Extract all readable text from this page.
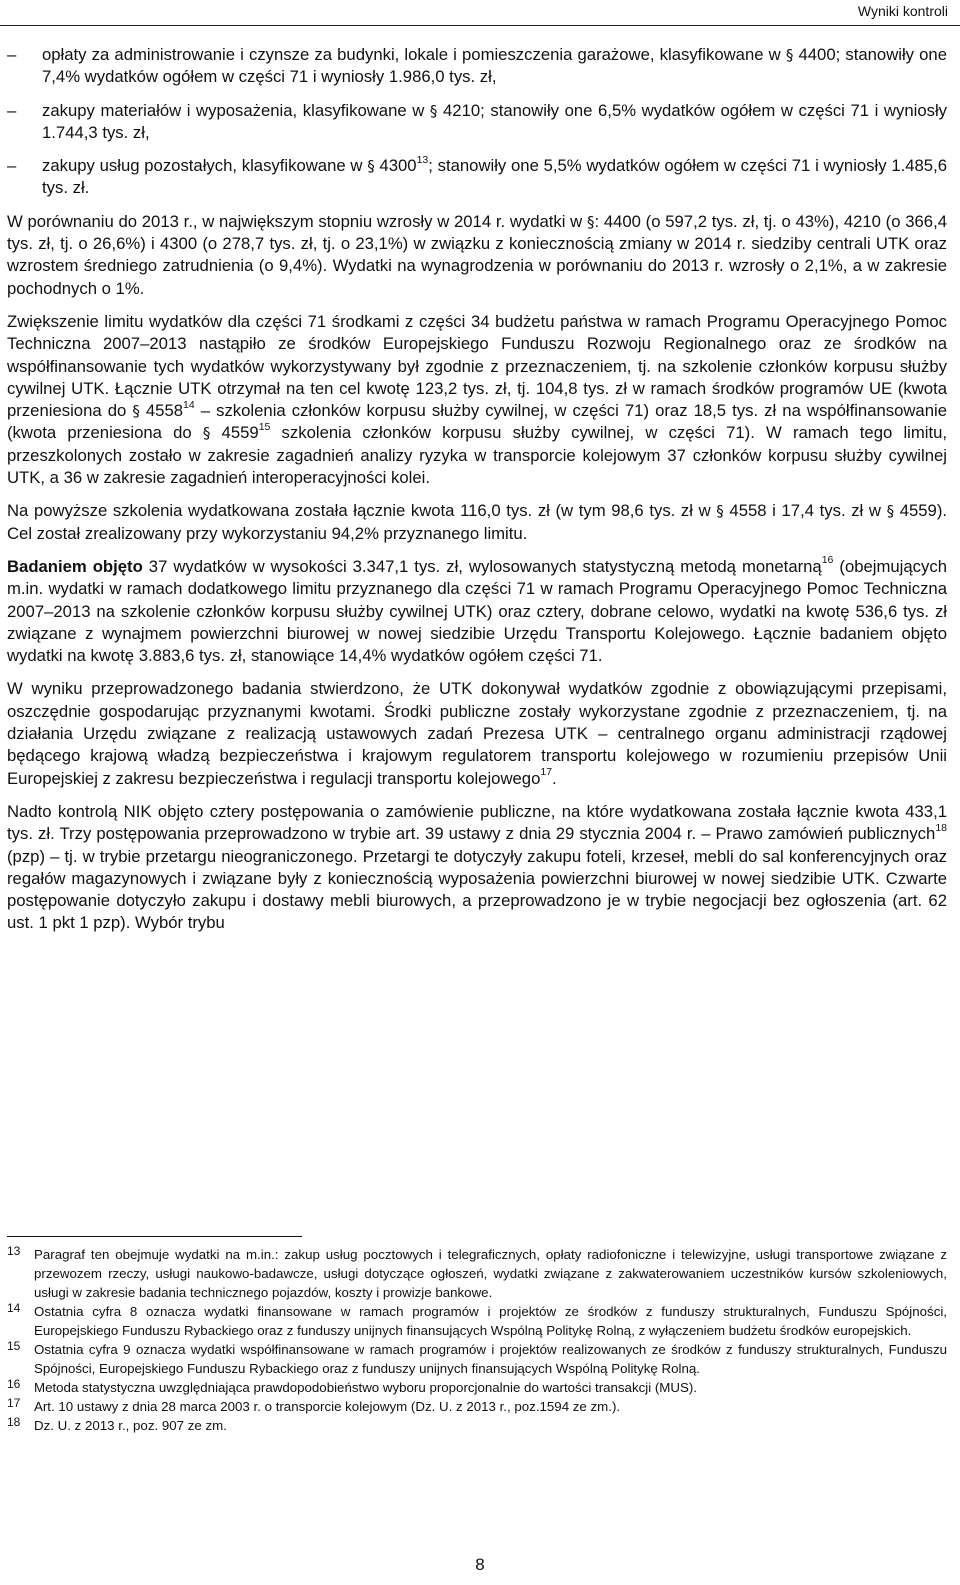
Wyniki kontroli

– opłaty za administrowanie i czynsze za budynki, lokale i pomieszczenia garażowe, klasyfikowane w § 4400; stanowiły one 7,4% wydatków ogółem w części 71 i wyniosły 1.986,0 tys. zł,

– zakupy materiałów i wyposażenia, klasyfikowane w § 4210; stanowiły one 6,5% wydatków ogółem w części 71 i wyniosły 1.744,3 tys. zł,

– zakupy usług pozostałych, klasyfikowane w § 4300$^{13}$; stanowiły one 5,5% wydatków ogółem w części 71 i wyniosły 1.485,6 tys. zł.

W porównaniu do 2013 r., w największym stopniu wzrosły w 2014 r. wydatki w §: 4400 (o 597,2 tys. zł, tj. o 43%), 4210 (o 366,4 tys. zł, tj. o 26,6%) i 4300 (o 278,7 tys. zł, tj. o 23,1%) w związku z koniecznością zmiany w 2014 r. siedziby centrali UTK oraz wzrostem średniego zatrudnienia (o 9,4%). Wydatki na wynagrodzenia w porównaniu do 2013 r. wzrosły o 2,1%, a w zakresie pochodnych o 1%.

Zwiększenie limitu wydatków dla części 71 środkami z części 34 budżetu państwa w ramach Programu Operacyjnego Pomoc Techniczna 2007–2013 nastąpiło ze środków Europejskiego Funduszu Rozwoju Regionalnego oraz ze środków na współfinansowanie tych wydatków wykorzystywany był zgodnie z przeznaczeniem, tj. na szkolenie członków korpusu służby cywilnej UTK. Łącznie UTK otrzymał na ten cel kwotę 123,2 tys. zł, tj. 104,8 tys. zł w ramach środków programów UE (kwota przeniesiona do § 4558$^{14}$ – szkolenia członków korpusu służby cywilnej, w części 71) oraz 18,5 tys. zł na współfinansowanie (kwota przeniesiona do § 4559$^{15}$ szkolenia członków korpusu służby cywilnej, w części 71). W ramach tego limitu, przeszkolonych zostało w zakresie zagadnień analizy ryzyka w transporcie kolejowym 37 członków korpusu służby cywilnej UTK, a 36 w zakresie zagadnień interoperacyjności kolei.

Na powyższe szkolenia wydatkowana została łącznie kwota 116,0 tys. zł (w tym 98,6 tys. zł w § 4558 i 17,4 tys. zł w § 4559). Cel został zrealizowany przy wykorzystaniu 94,2% przyznanego limitu.

Badaniem objęto 37 wydatków w wysokości 3.347,1 tys. zł, wylosowanych statystyczną metodą monetarną$^{16}$ (obejmujących m.in. wydatki w ramach dodatkowego limitu przyznanego dla części 71 w ramach Programu Operacyjnego Pomoc Techniczna 2007–2013 na szkolenie członków korpusu służby cywilnej UTK) oraz cztery, dobrane celowo, wydatki na kwotę 536,6 tys. zł związane z wynajmem powierzchni biurowej w nowej siedzibie Urzędu Transportu Kolejowego. Łącznie badaniem objęto wydatki na kwotę 3.883,6 tys. zł, stanowiące 14,4% wydatków ogółem części 71.

W wyniku przeprowadzonego badania stwierdzono, że UTK dokonywał wydatków zgodnie z obowiązującymi przepisami, oszczędnie gospodarując przyznanymi kwotami. Środki publiczne zostały wykorzystane zgodnie z przeznaczeniem, tj. na działania Urzędu związane z realizacją ustawowych zadań Prezesa UTK – centralnego organu administracji rządowej będącego krajową władzą bezpieczeństwa i krajowym regulatorem transportu kolejowego w rozumieniu przepisów Unii Europejskiej z zakresu bezpieczeństwa i regulacji transportu kolejowego$^{17}$.

Nadto kontrolą NIK objęto cztery postępowania o zamówienie publiczne, na które wydatkowana została łącznie kwota 433,1 tys. zł. Trzy postępowania przeprowadzono w trybie art. 39 ustawy z dnia 29 stycznia 2004 r. – Prawo zamówień publicznych$^{18}$ (pzp) – tj. w trybie przetargu nieograniczonego. Przetargi te dotyczyły zakupu foteli, krzeseł, mebli do sal konferencyjnych oraz regałów magazynowych i związane były z koniecznością wyposażenia powierzchni biurowej w nowej siedzibie UTK. Czwarte postępowanie dotyczyło zakupu i dostawy mebli biurowych, a przeprowadzono je w trybie negocjacji bez ogłoszenia (art. 62 ust. 1 pkt 1 pzp). Wybór trybu

13 Paragraf ten obejmuje wydatki na m.in.: zakup usług pocztowych i telegraficznych, opłaty radiofoniczne i telewizyjne, usługi transportowe związane z przewozem rzeczy, usługi naukowo-badawcze, usługi dotyczące ogłoszeń, wydatki związane z zakwaterowaniem uczestników kursów szkoleniowych, usługi w zakresie badania technicznego pojazdów, koszty i prowizje bankowe.

14 Ostatnia cyfra 8 oznacza wydatki finansowane w ramach programów i projektów ze środków z funduszy strukturalnych, Funduszu Spójności, Europejskiego Funduszu Rybackiego oraz z funduszy unijnych finansujących Wspólną Politykę Rolną, z wyłączeniem budżetu środków europejskich.

15 Ostatnia cyfra 9 oznacza wydatki współfinansowane w ramach programów i projektów realizowanych ze środków z funduszy strukturalnych, Funduszu Spójności, Europejskiego Funduszu Rybackiego oraz z funduszy unijnych finansujących Wspólną Politykę Rolną.

16 Metoda statystyczna uwzględniająca prawdopodobieństwo wyboru proporcjonalnie do wartości transakcji (MUS).

17 Art. 10 ustawy z dnia 28 marca 2003 r. o transporcie kolejowym (Dz. U. z 2013 r., poz.1594 ze zm.).

18 Dz. U. z 2013 r., poz. 907 ze zm.

8
